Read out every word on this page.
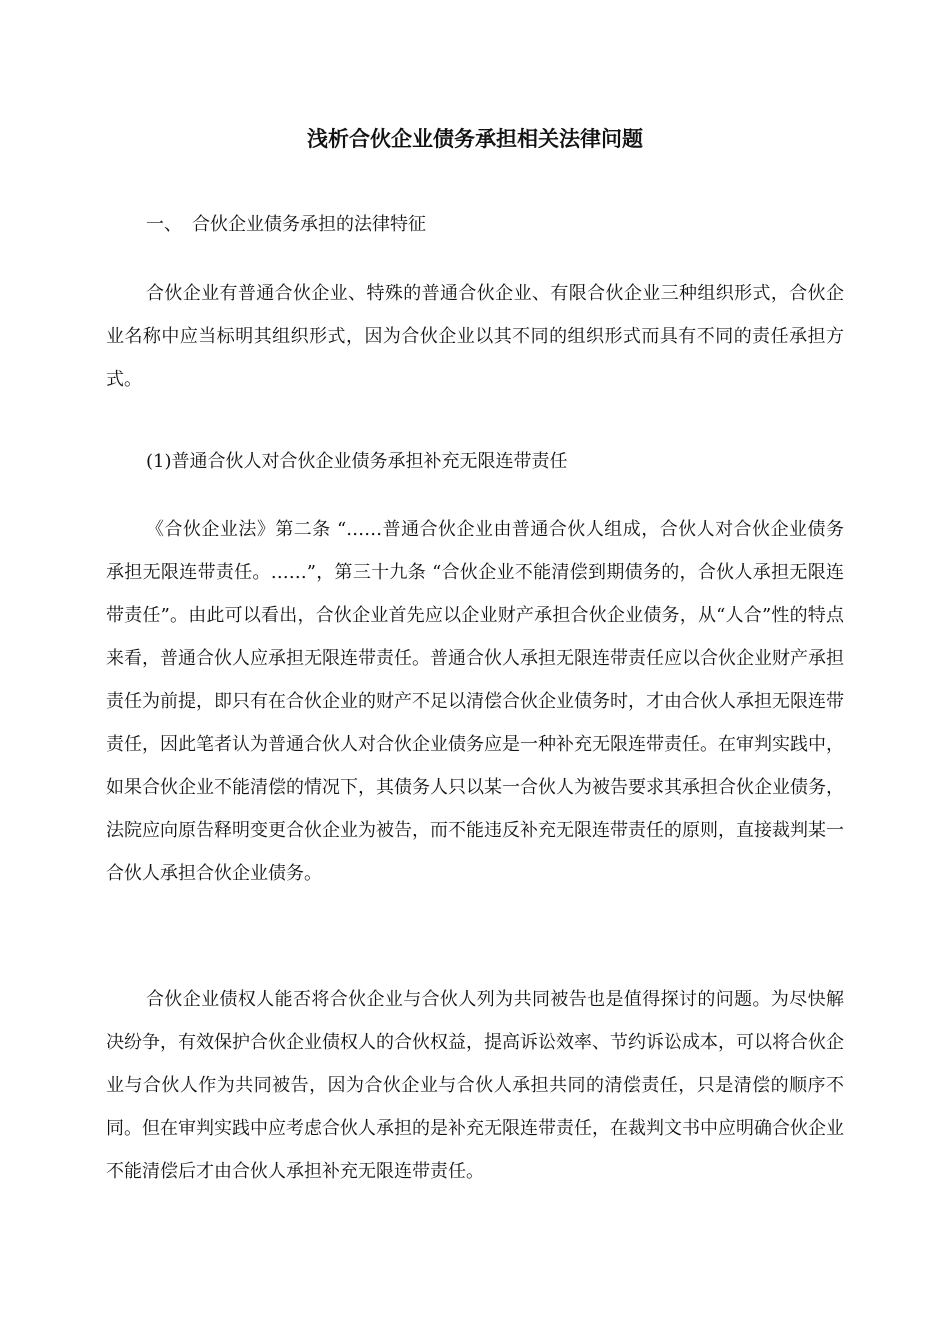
浅析合伙企业债务承担相关法律问题
一、 合伙企业债务承担的法律特征

合伙企业有普通合伙企业、特殊的普通合伙企业、有限合伙企业三种组织形式，合伙企业名称中应当标明其组织形式，因为合伙企业以其不同的组织形式而具有不同的责任承担方式。

(1)普通合伙人对合伙企业债务承担补充无限连带责任

《合伙企业法》第二条 “……普通合伙企业由普通合伙人组成，合伙人对合伙企业债务承担无限连带责任。……”，第三十九条 “合伙企业不能清偿到期债务的，合伙人承担无限连带责任”。由此可以看出，合伙企业首先应以企业财产承担合伙企业债务，从“人合”性的特点来看，普通合伙人应承担无限连带责任。普通合伙人承担无限连带责任应以合伙企业财产承担责任为前提，即只有在合伙企业的财产不足以清偿合伙企业债务时，才由合伙人承担无限连带责任，因此笔者认为普通合伙人对合伙企业债务应是一种补充无限连带责任。在审判实践中，如果合伙企业不能清偿的情况下，其债务人只以某一合伙人为被告要求其承担合伙企业债务，法院应向原告释明变更合伙企业为被告，而不能违反补充无限连带责任的原则，直接裁判某一合伙人承担合伙企业债务。

合伙企业债权人能否将合伙企业与合伙人列为共同被告也是值得探讨的问题。为尽快解决纷争，有效保护合伙企业债权人的合伙权益，提高诉讼效率、节约诉讼成本，可以将合伙企业与合伙人作为共同被告，因为合伙企业与合伙人承担共同的清偿责任，只是清偿的顺序不同。但在审判实践中应考虑合伙人承担的是补充无限连带责任，在裁判文书中应明确合伙企业不能清偿后才由合伙人承担补充无限连带责任。
